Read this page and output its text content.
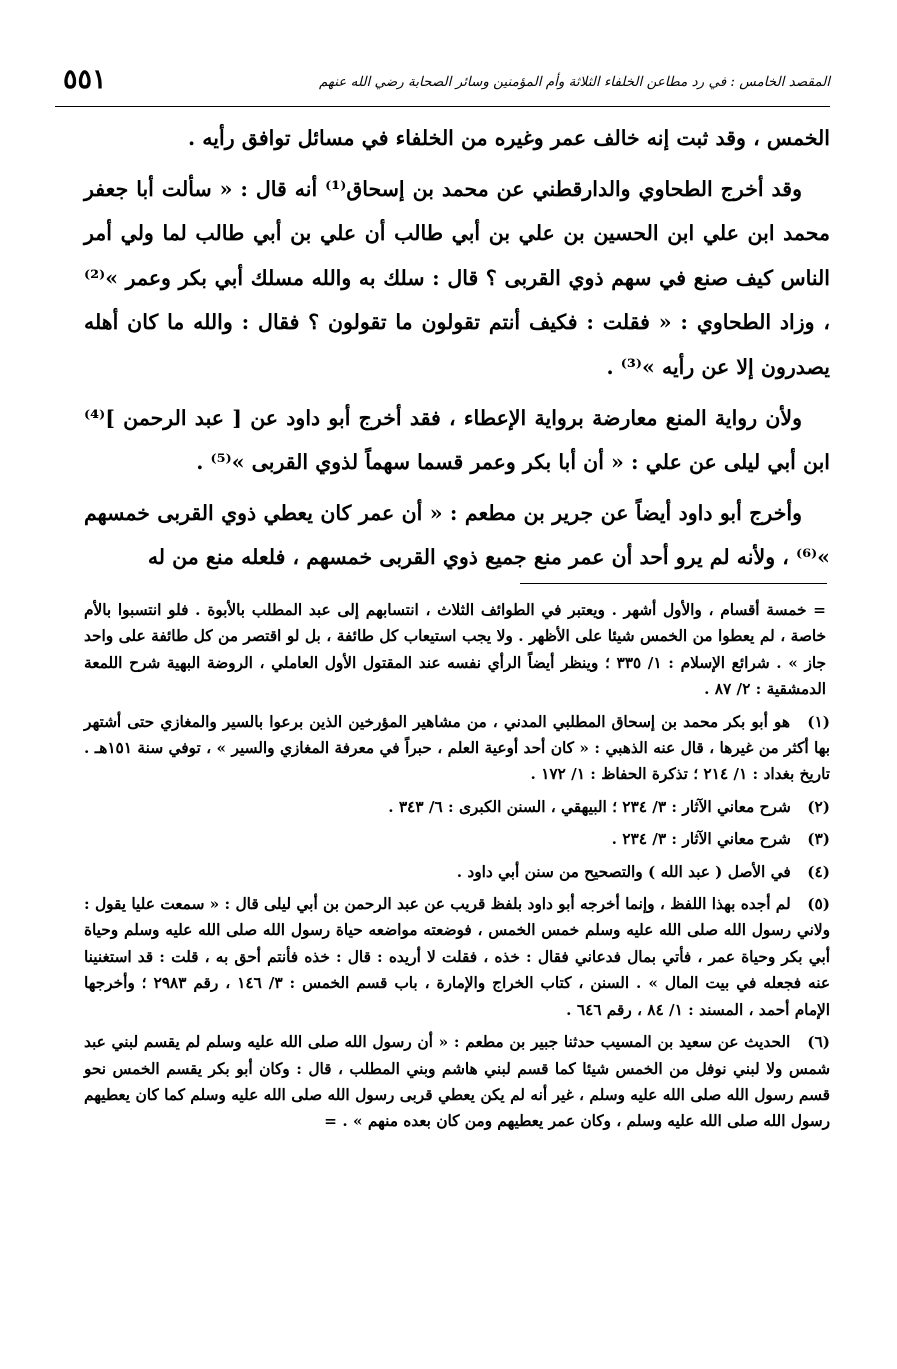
٥٥١	المقصد الخامس : في رد مطاعن الخلفاء الثلاثة وأم المؤمنين وسائر الصحابة رضي الله عنهم

الخمس ، وقد ثبت إنه خالف عمر وغيره من الخلفاء في مسائل توافق رأيه .

وقد أخرج الطحاوي والدارقطني عن محمد بن إسحاق⁽¹⁾ أنه قال : « سألت أبا جعفر محمد ابن علي ابن الحسين بن علي بن أبي طالب أن علي بن أبي طالب لما ولي أمر الناس كيف صنع في سهم ذوي القربى ؟ قال : سلك به والله مسلك أبي بكر وعمر »⁽²⁾ ، وزاد الطحاوي : « فقلت : فكيف أنتم تقولون ما تقولون ؟ فقال : والله ما كان أهله يصدرون إلا عن رأيه »⁽³⁾ .

ولأن رواية المنع معارضة برواية الإعطاء ، فقد أخرج أبو داود عن [ عبد الرحمن ]⁽⁴⁾ ابن أبي ليلى عن علي : « أن أبا بكر وعمر قسما سهماً لذوي القربى »⁽⁵⁾ .

وأخرج أبو داود أيضاً عن جرير بن مطعم : « أن عمر كان يعطي ذوي القربى خمسهم »⁽⁶⁾ ، ولأنه لم يرو أحد أن عمر منع جميع ذوي القربى خمسهم ، فلعله منع من له

= خمسة أقسام ، والأول أشهر . ويعتبر في الطوائف الثلاث ، انتسابهم إلى عبد المطلب بالأبوة . فلو انتسبوا بالأم خاصة ، لم يعطوا من الخمس شيئا على الأظهر . ولا يجب استيعاب كل طائفة ، بل لو اقتصر من كل طائفة على واحد جاز » . شرائع الإسلام : ١/ ٣٣٥ ؛ وينظر أيضاً الرأي نفسه عند المقتول الأول العاملي ، الروضة البهية شرح اللمعة الدمشقية : ٢/ ٨٧ .
(١) هو أبو بكر محمد بن إسحاق المطلبي المدني ، من مشاهير المؤرخين الذين برعوا بالسير والمغازي حتى أشتهر بها أكثر من غيرها ، قال عنه الذهبي : « كان أحد أوعية العلم ، حبراً في معرفة المغازي والسير » ، توفي سنة ١٥١هـ . تاريخ بغداد : ١/ ٢١٤ ؛ تذكرة الحفاظ : ١/ ١٧٢ .
(٢) شرح معاني الآثار : ٣/ ٢٣٤ ؛ البيهقي ، السنن الكبرى : ٦/ ٣٤٣ .
(٣) شرح معاني الآثار : ٣/ ٢٣٤ .
(٤) في الأصل ( عبد الله ) والتصحيح من سنن أبي داود .
(٥) لم أجده بهذا اللفظ ، وإنما أخرجه أبو داود بلفظ قريب عن عبد الرحمن بن أبي ليلى قال : « سمعت عليا يقول : ولاني رسول الله صلى الله عليه وسلم خمس الخمس ، فوضعته مواضعه حياة رسول الله صلى الله عليه وسلم وحياة أبي بكر وحياة عمر ، فأتي بمال فدعاني فقال : خذه ، فقلت لا أريده : قال : خذه فأنتم أحق به ، قلت : قد استغنينا عنه فجعله في بيت المال » . السنن ، كتاب الخراج والإمارة ، باب قسم الخمس : ٣/ ١٤٦ ، رقم ٢٩٨٣ ؛ وأخرجها الإمام أحمد ، المسند : ١/ ٨٤ ، رقم ٦٤٦ .
(٦) الحديث عن سعيد بن المسيب حدثنا جبير بن مطعم : « أن رسول الله صلى الله عليه وسلم لم يقسم لبني عبد شمس ولا لبني نوفل من الخمس شيئا كما قسم لبني هاشم وبني المطلب ، قال : وكان أبو بكر يقسم الخمس نحو قسم رسول الله صلى الله عليه وسلم ، غير أنه لم يكن يعطي قربى رسول الله صلى الله عليه وسلم كما كان يعطيهم رسول الله صلى الله عليه وسلم ، وكان عمر يعطيهم ومن كان بعده منهم » . =
